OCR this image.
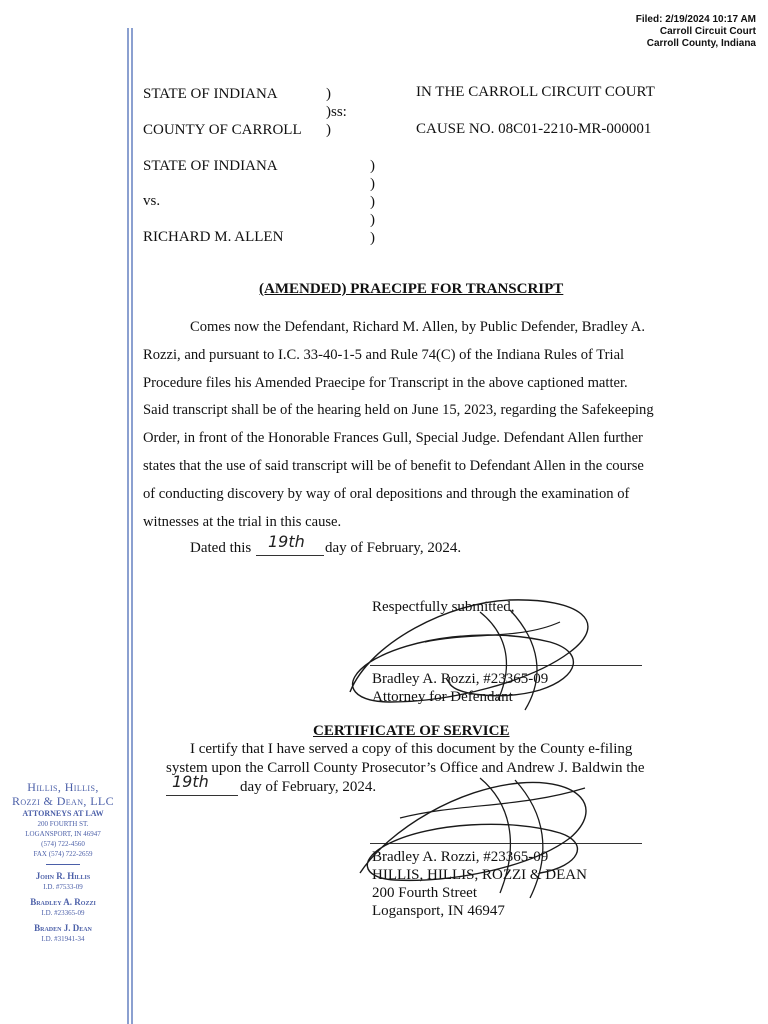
Filed: 2/19/2024 10:17 AM
Carroll Circuit Court
Carroll County, Indiana
STATE OF INDIANA	)
)ss:
COUNTY OF CARROLL )
IN THE CARROLL CIRCUIT COURT
CAUSE NO. 08C01-2210-MR-000001
STATE OF INDIANA
vs.
RICHARD M. ALLEN
)
)
)
)
)
(AMENDED) PRAECIPE FOR TRANSCRIPT
Comes now the Defendant, Richard M. Allen, by Public Defender, Bradley A.
Rozzi, and pursuant to I.C. 33-40-1-5 and Rule 74(C) of the Indiana Rules of Trial
Procedure files his Amended Praecipe for Transcript in the above captioned matter.
Said transcript shall be of the hearing held on June 15, 2023, regarding the Safekeeping
Order, in front of the Honorable Frances Gull, Special Judge. Defendant Allen further
states that the use of said transcript will be of benefit to Defendant Allen in the course
of conducting discovery by way of oral depositions and through the examination of
witnesses at the trial in this cause.
Dated this 19th day of February, 2024.
Respectfully submitted,
Bradley A. Rozzi, #23365-09
Attorney for Defendant
CERTIFICATE OF SERVICE
I certify that I have served a copy of this document by the County e-filing
system upon the Carroll County Prosecutor’s Office and Andrew J. Baldwin the
19th day of February, 2024.
Bradley A. Rozzi, #23365-09
HILLIS, HILLIS, ROZZI & DEAN
200 Fourth Street
Logansport, IN 46947
Hillis, Hillis,
Rozzi & Dean, LLC
ATTORNEYS AT LAW
200 FOURTH ST.
LOGANSPORT, IN 46947
(574) 722-4560
FAX (574) 722-2659
John R. Hillis
I.D. #7533-09
Bradley A. Rozzi
I.D. #23365-09
Braden J. Dean
I.D. #31941-34
